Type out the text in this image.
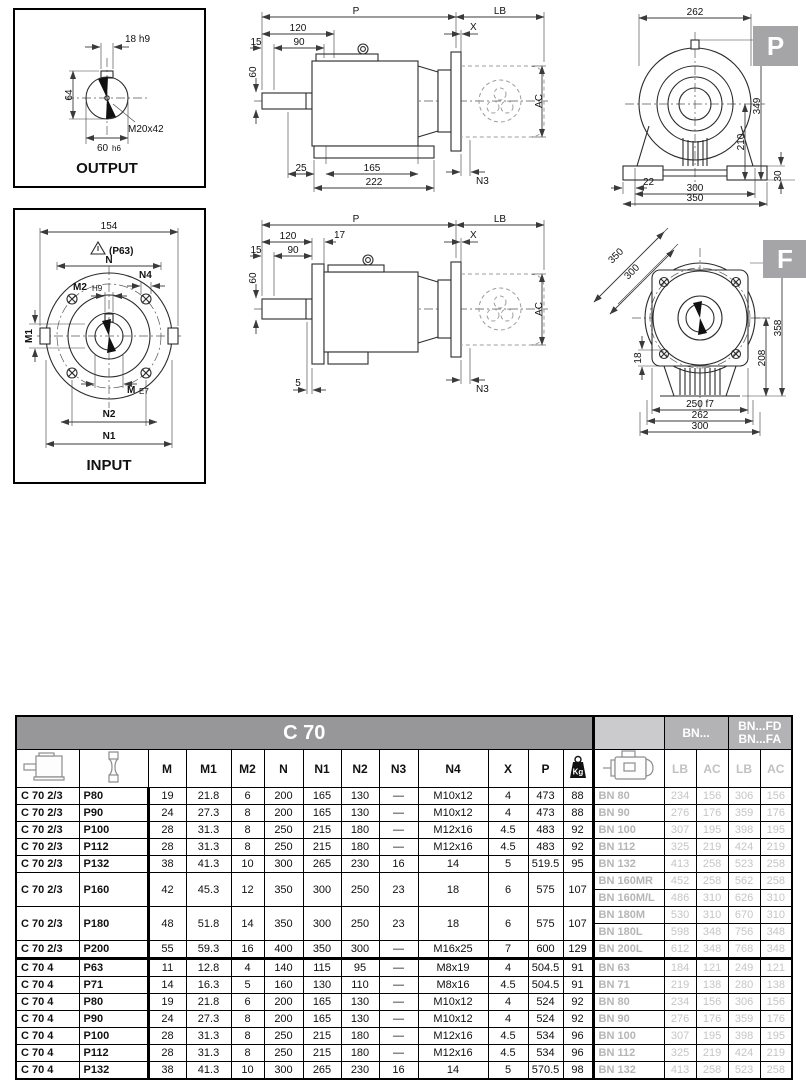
18 h9
64
60 h6
M20x42
OUTPUT
154
(P63)
N
M2 H9
N4
M1
M E7
N2
N1
INPUT
P	LB
X
120
90
15
60
25	165
222	N3
AC
P	LB
X
120	17
90
15
60
5
N3
AC
262
210
349
30
22
300
350
P
350
300
208
358
18
250 f7
262
300
F
C 70														BN...		BN...FD
BN...FA	

		M	M1	M2	N	N1	N2	N3	N4	X	P	Kg		LB	AC	LB	AC
C 70 2/3	P80	19	21.8	6	200	165	130	—	M10x12	4	473	88	BN 80	234	156	306	156
C 70 2/3	P90	24	27.3	8	200	165	130	—	M10x12	4	473	88	BN 90	276	176	359	176
C 70 2/3	P100	28	31.3	8	250	215	180	—	M12x16	4.5	483	92	BN 100	307	195	398	195
C 70 2/3	P112	28	31.3	8	250	215	180	—	M12x16	4.5	483	92	BN 112	325	219	424	219
C 70 2/3	P132	38	41.3	10	300	265	230	16	14	5	519.5	95	BN 132	413	258	523	258
C 70 2/3	P160	42	45.3	12	350	300	250	23	18	6	575	107	BN 160MR	452	258	562	258
													BN 160M/L	486	310	626	310
C 70 2/3	P180	48	51.8	14	350	300	250	23	18	6	575	107	BN 180M	530	310	670	310
													BN 180L	598	348	756	348
C 70 2/3	P200	55	59.3	16	400	350	300	—	M16x25	7	600	129	BN 200L	612	348	768	348
C 70 4	P63	11	12.8	4	140	115	95	—	M8x19	4	504.5	91	BN 63	184	121	249	121
C 70 4	P71	14	16.3	5	160	130	110	—	M8x16	4.5	504.5	91	BN 71	219	138	280	138
C 70 4	P80	19	21.8	6	200	165	130	—	M10x12	4	524	92	BN 80	234	156	306	156
C 70 4	P90	24	27.3	8	200	165	130	—	M10x12	4	524	92	BN 90	276	176	359	176
C 70 4	P100	28	31.3	8	250	215	180	—	M12x16	4.5	534	96	BN 100	307	195	398	195
C 70 4	P112	28	31.3	8	250	215	180	—	M12x16	4.5	534	96	BN 112	325	219	424	219
C 70 4	P132	38	41.3	10	300	265	230	16	14	5	570.5	98	BN 132	413	258	523	258
